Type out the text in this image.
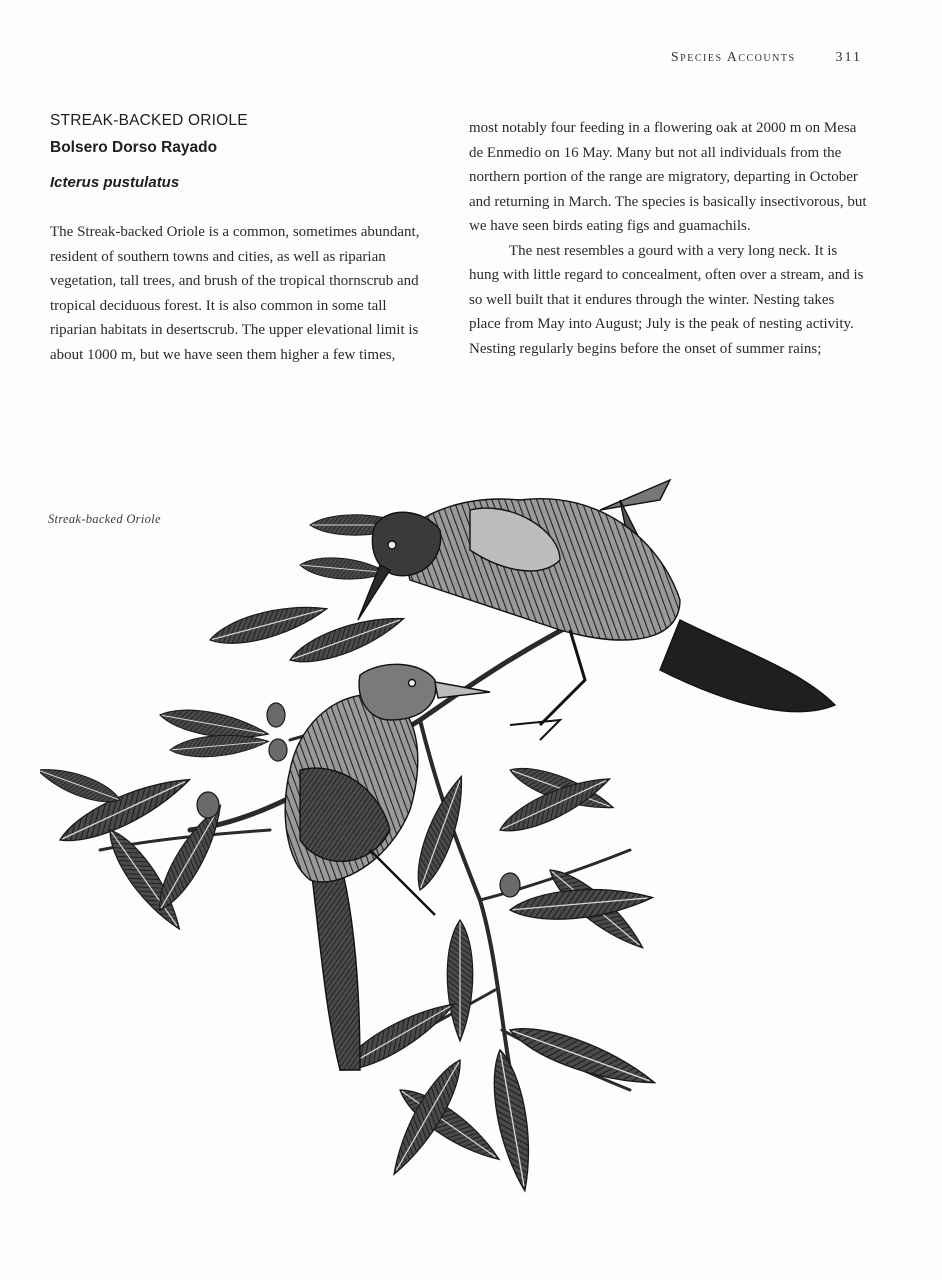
Species Accounts	311
STREAK-BACKED ORIOLE
Bolsero Dorso Rayado
Icterus pustulatus

The Streak-backed Oriole is a common, sometimes abundant, resident of southern towns and cities, as well as riparian vegetation, tall trees, and brush of the tropical thornscrub and tropical deciduous forest. It is also common in some tall riparian habitats in desertscrub. The upper elevational limit is about 1000 m, but we have seen them higher a few times,

most notably four feeding in a flowering oak at 2000 m on Mesa de Enmedio on 16 May. Many but not all individuals from the northern portion of the range are migratory, departing in October and returning in March. The species is basically insectivorous, but we have seen birds eating figs and guamachils.

The nest resembles a gourd with a very long neck. It is hung with little regard to concealment, often over a stream, and is so well built that it endures through the winter. Nesting takes place from May into August; July is the peak of nesting activity. Nesting regularly begins before the onset of summer rains;

Streak-backed Oriole
